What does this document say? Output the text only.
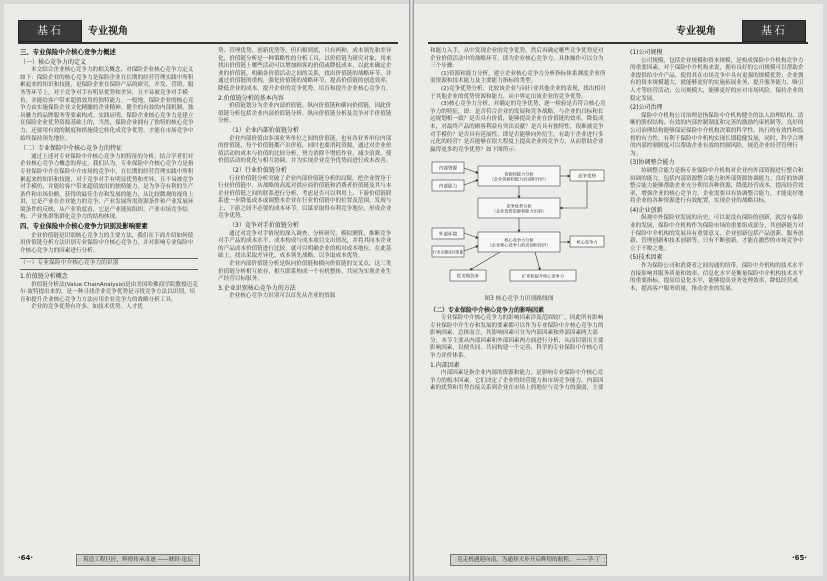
基石	专业视角
三、专业保险中介核心竞争力概述
（一）核心竞争力的定义

本文结合企业核心竞争力的相关概念，对保险企业核心竞争力定义如下：保险企业的核心竞争力是保险企业在长期的经营管理实践中所积累起来的知识和技能，是保险企业在保险产品的研究、开发、营销、服务等环节上，对于竞争对手有明显优势和差异，且不易被竞争对手模仿，并能给客户带来超值效用的独特能力。一般地，保险企业的核心竞争力由实施保险企业文化精髓的企业精神、健全的有效的内部机制、独具魅力的品牌服务等要素构成。实践证明，保险企业核心竞争力是建立在保险企业优势资源基础上的，当然，保险企业拥有了独特的核心竞争力，还要用有效的制度和措施使它转化成竞争优势，才能在市场竞争中始终保持领先地位。

（二）专业保险中介核心竞争力的特征

通过上述对专业保险中介核心竞争力的特征的分析，结合学者们对企业核心竞争力概念的界定，我们认为，专业保险中介核心竞争力是指专业保险中介在保险中介市场的竞争中，在长期的经营管理实践中所积累起来的知识和技能，对于竞争对手有明显优势和差异，且不易被竞争对手模仿，并能给客户带来超值效用的独特能力，是为争夺有利的生产条件和市场份额，获得的最佳生存和发展的能力，从比较微观的视角上讲，它是产业在企业能力的竞争、产业发展所需资源条件和产业发展环境条件的反映，从产业角度看，它是产业链间组织、产业市场竞争结构、产业集群集群化竞争力的结构体现。

四、专业保险中介核心竞争力识别及影响要素

企业价值链是识别核心竞争力的主要方法，我们在下面介绍如何使用价值链分析方法识别专业保险中介核心竞争力，并对影响专业保险中介核心竞争力的因素进行分析。

（一）专业保险中介核心竞争力的识别
1.价值链分析概念

价值链分析法(Value ChainAnalysis)是由美国哈佛商学院教授迈克尔·波特提出来的，是一种寻找企业竞争优势是寻找竞争方法以识别，培育和提升企业核心竞争力方法应用企业竞争力的战略分析工具。

企业的竞争优势有许多，如技术优势、人才优

势、管理优势、创新优势等，但归根到底，只有两种，成本领先和差异化，价值链分析是一种策略性的分析工具，以价值链为研究对象，用来找出价值链上哪些活动可以增加顾客的价值或降低成本，以此来确定企业的价值链，明确各价值活动之间的关系，找出价值链的战略环节，并通过价值链的重构，强化价值链的战略环节，提高价值链的创造效率，降低企业的成本，提升企业的竞争优势，培育和提升企业核心竞争力。

2.价值链分析的基本内容

价值链划分为企业内部价值链、纵向价值链和横向价值链，因此价值链分析包括企业内部价值链分析、纵向价值链分析及竞争对手价值链分析。

（1）企业内部价值链分析

企业内部价值由多项业务单位之间的价值链，也有各业务单位内部的价值链，每个价值链都产出价值，同时也要消耗资源，通过对企业价值活动的成本与价值的比较分析，努力消除不增值作业，减少浪费，使价值活动的优化与相互协调，并为实现企业竞争优势而进行成本改善。

（2）行业价值链分析

行业价值链分析突破了企业内部价值链分析的局限，把企业置身于行业价值链中，从战略的高度对供应商价值链和消费者价值链及其与本企业价值链之间的联系进行分析，考虑是否可以利用上、下游价值链联系进一步降低成本或调整本企业在行业价值链中的位置及范围，发现与上、下游之间不必要的成本环节，以谋求取得有利竞争地位，形成企业竞争优势。

（3）竞争对手价值链分析

通过对竞争对手情况的深入调查，分析研究，模拟测算，推断竞争对手产品的成本水平、成本构成与成本项目支出情况，并将其同本企业的产品成本价值链进行比较，就可以明确企业的相对成本地位，在此基础上，找出采取差异化、成本领先战略，以争取成本优势。

企业内部价值链分析是纵向价值链和横向价值链的交叉点，这三类价值链分析相互依存，相互联系构成一个有机整体，共同为实现企业生产经营目标服务。

3.企业识别核心竞争力的方法

企业核心竞争力识别可以首先从企业的资源

·64·	筑造工程巨匠，辉煌传承奇迹 ——财经·论坛
专业视角	基石

和能力入手，从中发现企业的竞争优势，然后再确定哪些竞争优势是对企业价值活动中的战略环节，即为企业核心竞争力，具体操作可以分为三个步骤：

(1)资源和能力分析，建立企业核心竞争力分析指标体系测度企业所需资源和技术能力及主要能力指标的类型。

(2)竞争优势分析，比较该企业与同行业其他企业的表现，找出相对于其他企业的优势资源和能力，从中界定出该企业的竞争优势。

(3)核心竞争力分析，对确定的竞争优势，逐一检验是否符合核心竞争力的特征，即：是否符合企业的发展和竞争战略，与企业的目标和长远规划相一致？是否具有价值，能够提高企业在价值链的效率，降低成本，对最终产品的顾客利益有突出贡献？是否具有独特性，很难被竞争对手模仿？是否具有延展性，即是否能够向外衍生，有助于企业进行多元化的经营？是否能够在很大程度上提高企业的竞争力，从而帮助企业赢得更多的竞争优势？如下图所示：

内部资源
内部能力
资源和能力分析（企业资源和能力识别和评价）	竞争优势
竞争优势分析（企业优势资源和能力识别）
外部环境
行业关键成功要素
核心竞争力分析（企业核心竞争力的识别和评价）
核心竞争力
优劣和弥补	扩充和提升核心竞争力
图3 核心竞争力识别路线图
（二）专业保险中介核心竞争力的影响因素

专业保险中介核心竞争力的影响因素涉及范围较广，因此所有影响专业保险中介生存和发展的要素都可以作为专业保险中介核心竞争力的影响因素，总体而言，其影响因素可分为内部因素和外部因素两大部分，本节主要从内部因素和外部因素两方面进行分析，从而识别出主要影响因素，以便共同、共同构建一个完善，科学的专业保险中介核心竞争力评价体系。

1.内部因素

内部因素是指企业内部的资源和能力，是影响专业保险中介核心竞争力的根本因素，它们决定了企业的经营能力和市场竞争能力，内部因素的优势和劣势直接关系到企业在市场上的地位与竞争力的强弱，主要

(1)公司规模

公司规模，包括企业规模和资本规模，是构成保险中介机构竞争力的重要因素，对于保险中介机构来说，拥有良好的公司规模可以帮助企业提供给中介产品，使得其在市场竞争中具有更强的规模优势；企业拥有的资本规模越大，就能够更好的实施拓展业务、提升服务能力、吸引人才等经营活动；公司规模大，能够更好的应对市场风险，保持企业的稳定发展。

(2)公司治理

保险中介机构公司治理是指保险中介机构健全的法人治理结构、清晰的股权结构、有效的内部控制制度和完善的激励约束机制等。良好的公司治理结构能够保证保险中介机构决策的科学性、执行的有效性和监督的有力性，有利于保险中介机构实现长期稳健发展，同时，科学合理的内部控制制度可以帮助企业有效的控制风险，规范企业经营管理行为。

(3)协调整合能力

协调整合能力是指专业保险中介机构对企业内外部资源进行整合和协调的能力，包括内部资源整合能力和外部资源协调能力。良好的协调整合能力能够帮助企业充分利用各种资源，降低经营成本，提高经营效率，增强企业的核心竞争力，企业需要具有协调整合能力，才能更好地将企业的各种资源进行有效配置，实现企业的战略目标。

(4)企业创新

纵观中外保险业发展的历史，可以说没有保险的创新，就没有保险业的发展，保险中介机构作为保险市场的重要组成部分，其创新能力对于保险中介机构的发展具有重要意义，企业创新包括产品创新、服务创新、管理创新和技术创新等，只有不断创新，才能在激烈的市场竞争中立于不败之地。

(5)技术因素

作为保险公司和消费者之间沟通的纽带，保险中介机构的技术水平直接影响其服务质量和效率，信息化水平是衡量保险中介机构技术水平的重要指标，提高信息化水平，能够提高业务处理效率，降低经营成本，提高客户服务质量，推动企业的发展。

竞走机遇迎向南，为通择大步开启辉煌的航程。 ——学·丁	·65·
